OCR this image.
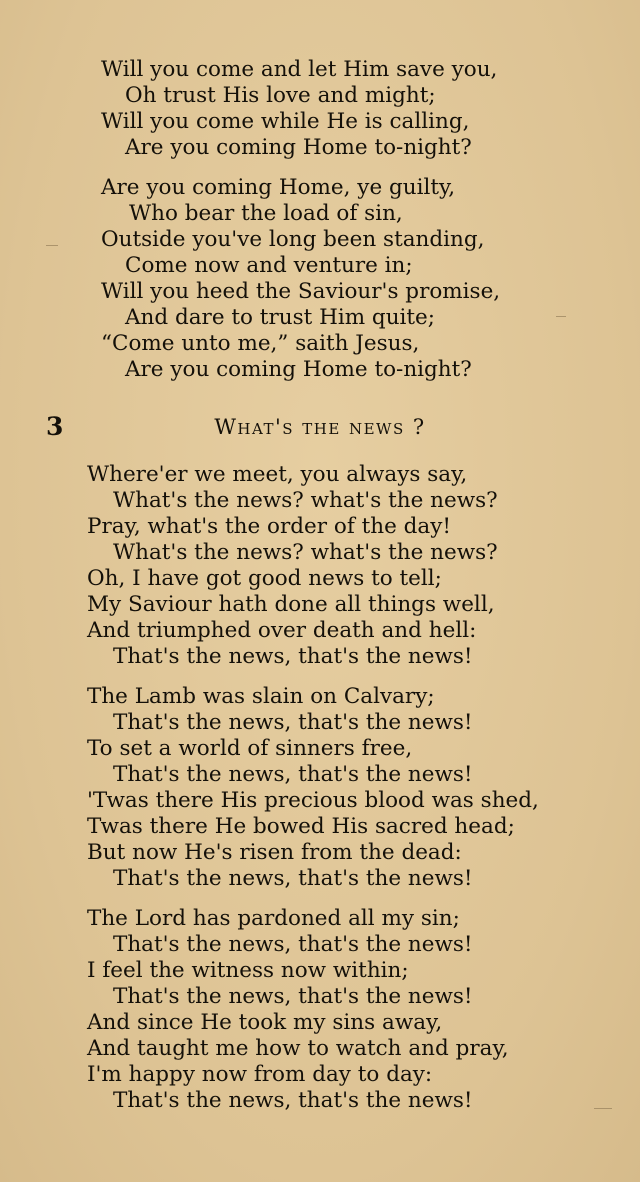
Will you come and let Him save you,
Oh trust His love and might;
Will you come while He is calling,
Are you coming Home to-night?
Are you coming Home, ye guilty,
Who bear the load of sin,
Outside you've long been standing,
Come now and venture in;
Will you heed the Saviour's promise,
And dare to trust Him quite;
“Come unto me,” saith Jesus,
Are you coming Home to-night?
3	What's the news ?
Where'er we meet, you always say,
What's the news? what's the news?
Pray, what's the order of the day!
What's the news? what's the news?
Oh, I have got good news to tell;
My Saviour hath done all things well,
And triumphed over death and hell:
That's the news, that's the news!
The Lamb was slain on Calvary;
That's the news, that's the news!
To set a world of sinners free,
That's the news, that's the news!
'Twas there His precious blood was shed,
Twas there He bowed His sacred head;
But now He's risen from the dead:
That's the news, that's the news!
The Lord has pardoned all my sin;
That's the news, that's the news!
I feel the witness now within;
That's the news, that's the news!
And since He took my sins away,
And taught me how to watch and pray,
I'm happy now from day to day:
That's the news, that's the news!
